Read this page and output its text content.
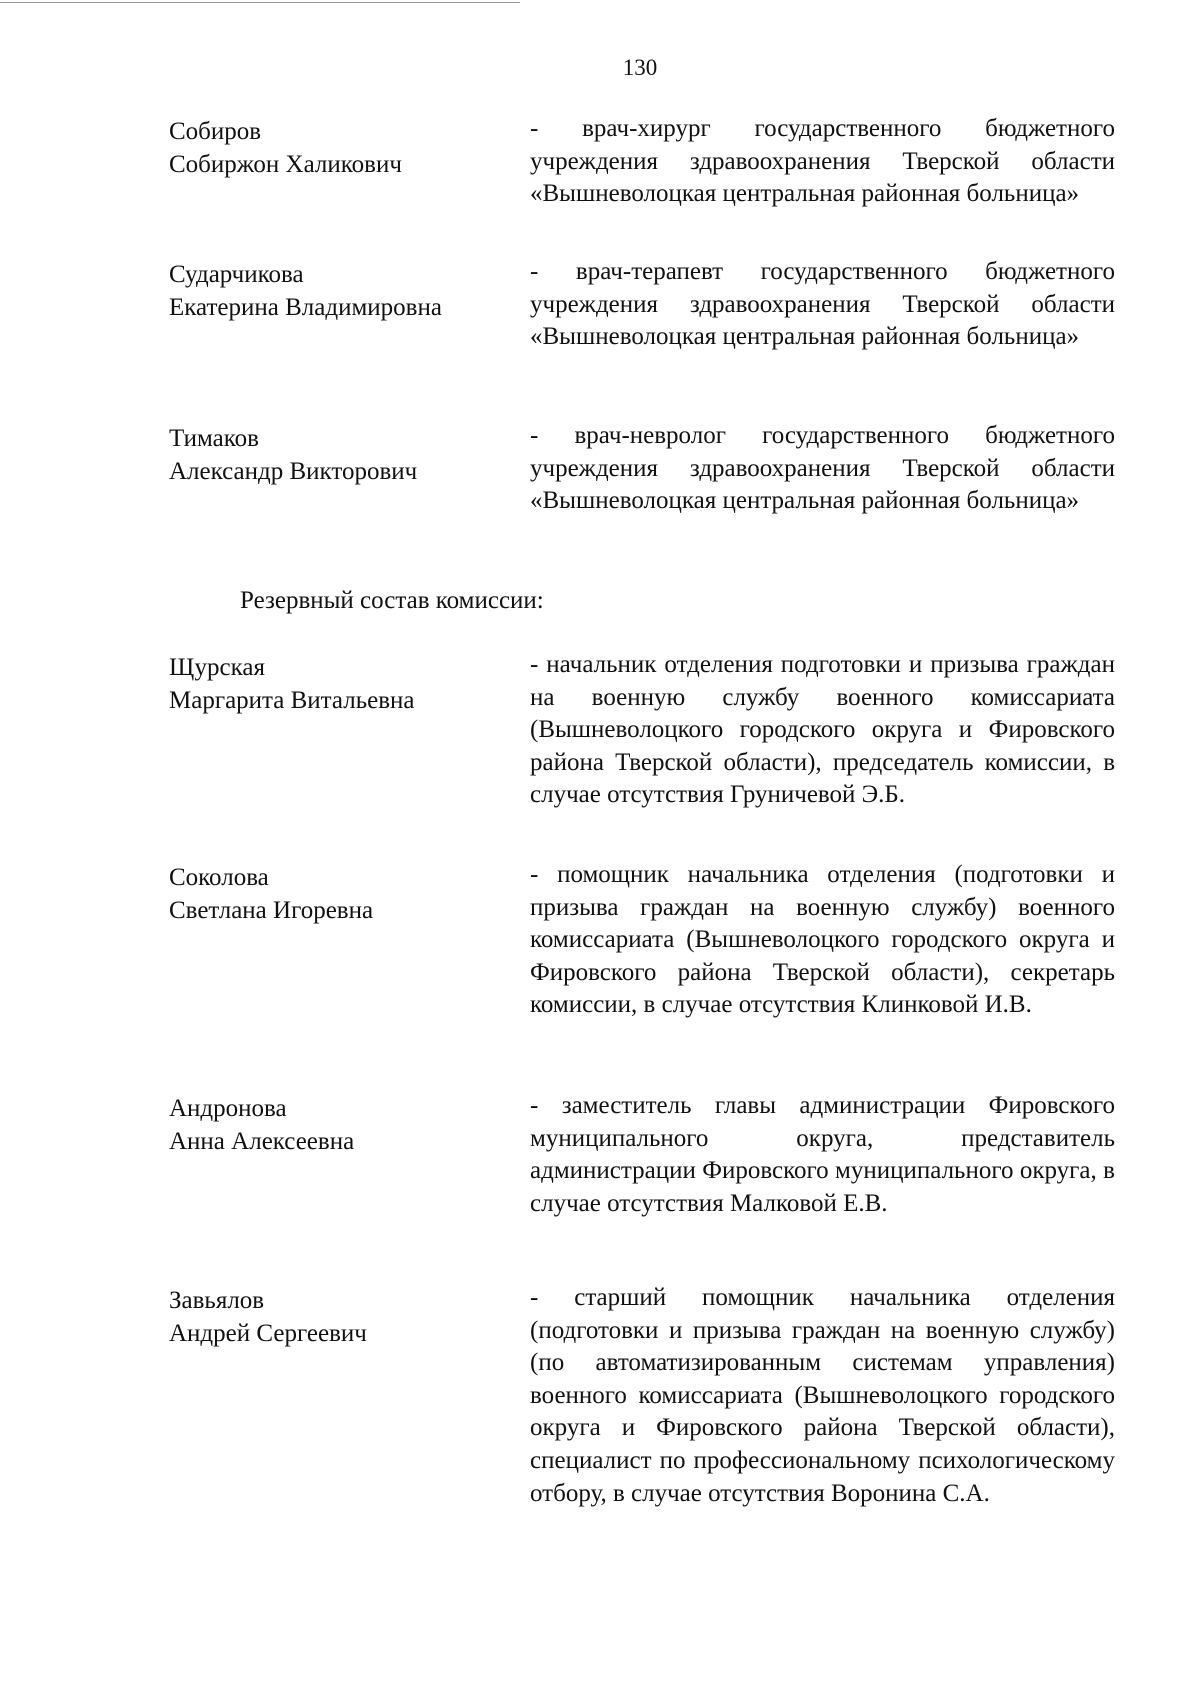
130
Собиров
Собиржон Халикович
- врач-хирург государственного бюджетного учреждения здравоохранения Тверской области «Вышневолоцкая центральная районная больница»
Сударчикова
Екатерина Владимировна
- врач-терапевт государственного бюджетного учреждения здравоохранения Тверской области «Вышневолоцкая центральная районная больница»
Тимаков
Александр Викторович
- врач-невролог государственного бюджетного учреждения здравоохранения Тверской области «Вышневолоцкая центральная районная больница»
Резервный состав комиссии:
Щурская
Маргарита Витальевна
- начальник отделения подготовки и призыва граждан на военную службу военного комиссариата (Вышневолоцкого городского округа и Фировского района Тверской области), председатель комиссии, в случае отсутствия Груничевой Э.Б.
Соколова
Светлана Игоревна
- помощник начальника отделения (подготовки и призыва граждан на военную службу) военного комиссариата (Вышневолоцкого городского округа и Фировского района Тверской области), секретарь комиссии, в случае отсутствия Клинковой И.В.
Андронова
Анна Алексеевна
- заместитель главы администрации Фировского муниципального округа, представитель администрации Фировского муниципального округа, в случае отсутствия Малковой Е.В.
Завьялов
Андрей Сергеевич
- старший помощник начальника отделения (подготовки и призыва граждан на военную службу) (по автоматизированным системам управления) военного комиссариата (Вышневолоцкого городского округа и Фировского района Тверской области), специалист по профессиональному психологическому отбору, в случае отсутствия Воронина С.А.
